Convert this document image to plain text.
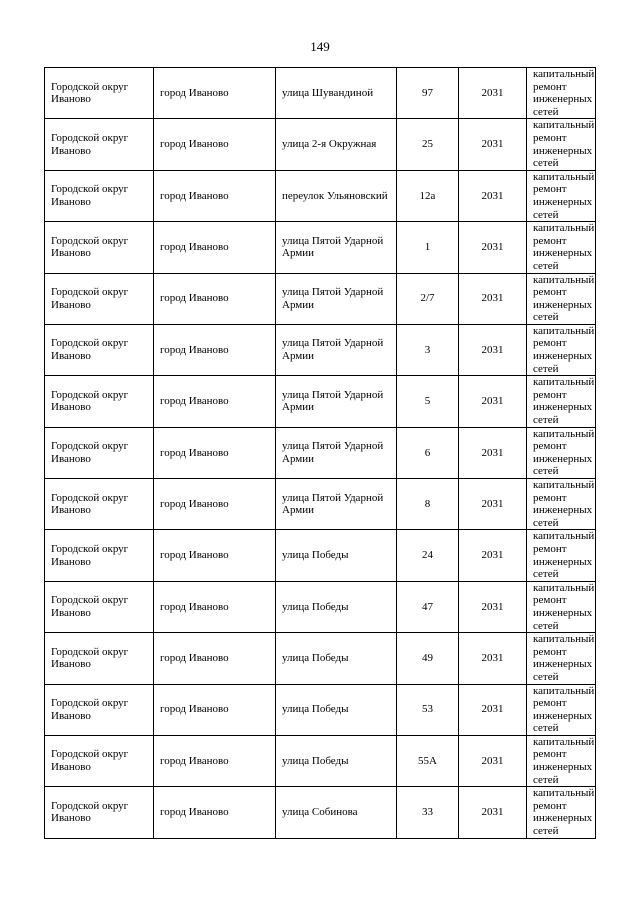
149
Городской округ Иваново	город Иваново	улица Шувандиной	97	2031	капитальный ремонт инженерных сетей
Городской округ Иваново	город Иваново	улица 2-я Окружная	25	2031	капитальный ремонт инженерных сетей
Городской округ Иваново	город Иваново	переулок Ульяновский	12а	2031	капитальный ремонт инженерных сетей
Городской округ Иваново	город Иваново	улица Пятой Ударной Армии	1	2031	капитальный ремонт инженерных сетей
Городской округ Иваново	город Иваново	улица Пятой Ударной Армии	2/7	2031	капитальный ремонт инженерных сетей
Городской округ Иваново	город Иваново	улица Пятой Ударной Армии	3	2031	капитальный ремонт инженерных сетей
Городской округ Иваново	город Иваново	улица Пятой Ударной Армии	5	2031	капитальный ремонт инженерных сетей
Городской округ Иваново	город Иваново	улица Пятой Ударной Армии	6	2031	капитальный ремонт инженерных сетей
Городской округ Иваново	город Иваново	улица Пятой Ударной Армии	8	2031	капитальный ремонт инженерных сетей
Городской округ Иваново	город Иваново	улица Победы	24	2031	капитальный ремонт инженерных сетей
Городской округ Иваново	город Иваново	улица Победы	47	2031	капитальный ремонт инженерных сетей
Городской округ Иваново	город Иваново	улица Победы	49	2031	капитальный ремонт инженерных сетей
Городской округ Иваново	город Иваново	улица Победы	53	2031	капитальный ремонт инженерных сетей
Городской округ Иваново	город Иваново	улица Победы	55А	2031	капитальный ремонт инженерных сетей
Городской округ Иваново	город Иваново	улица Собинова	33	2031	капитальный ремонт инженерных сетей
